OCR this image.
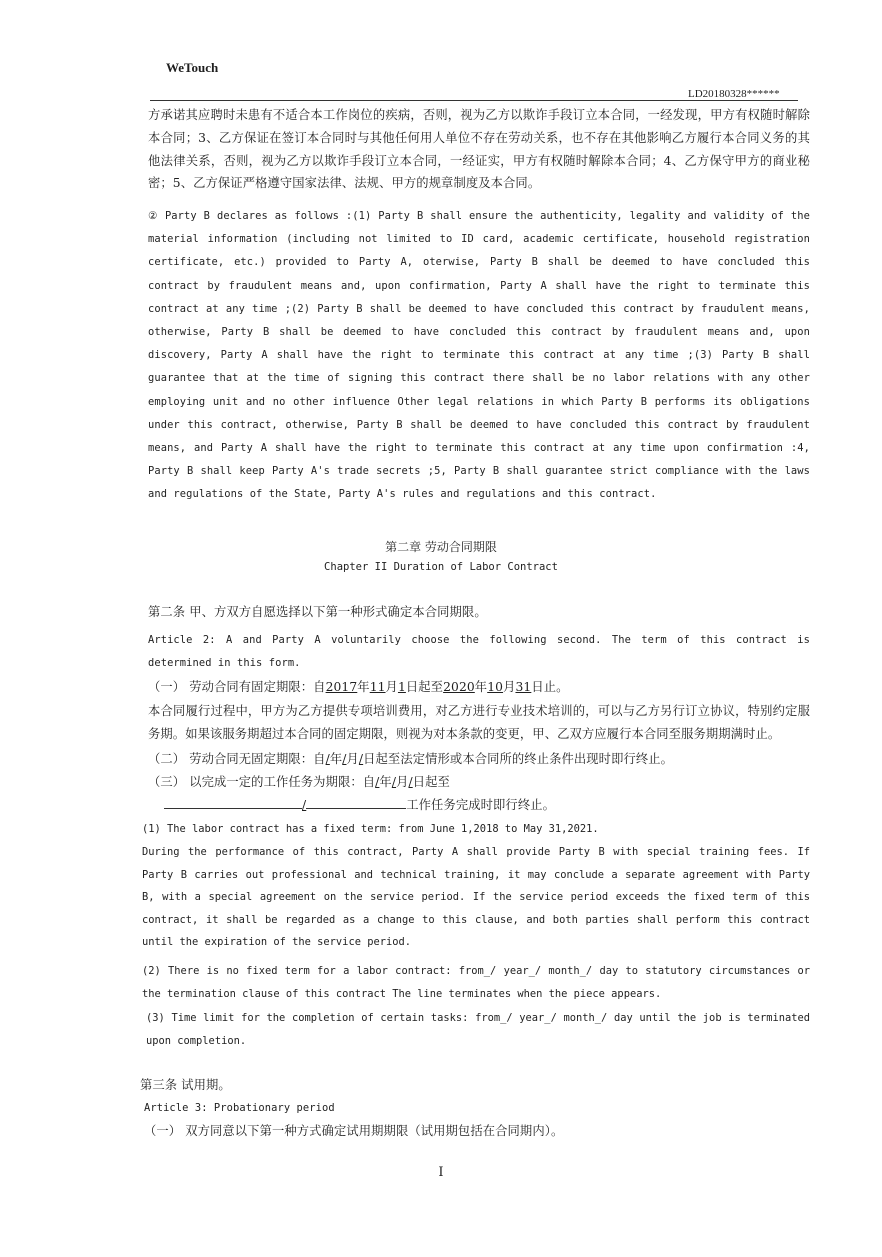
WeTouch
LD20180328******
方承诺其应聘时未患有不适合本工作岗位的疾病，否则，视为乙方以欺诈手段订立本合同，一经发现，甲方有权随时解除本合同；3、乙方保证在签订本合同时与其他任何用人单位不存在劳动关系，也不存在其他影响乙方履行本合同义务的其他法律关系，否则，视为乙方以欺诈手段订立本合同，一经证实，甲方有权随时解除本合同；4、乙方保守甲方的商业秘密；5、乙方保证严格遵守国家法律、法规、甲方的规章制度及本合同。
② Party B declares as follows :(1) Party B shall ensure the authenticity, legality and validity of the material information (including not limited to ID card, academic certificate, household registration certificate, etc.) provided to Party A, oterwise, Party B shall be deemed to have concluded this contract by fraudulent means and, upon confirmation, Party A shall have the right to terminate this contract at any time ;(2) Party B shall be deemed to have concluded this contract by fraudulent means, otherwise, Party B shall be deemed to have concluded this contract by fraudulent means and, upon discovery, Party A shall have the right to terminate this contract at any time ;(3) Party B shall guarantee that at the time of signing this contract there shall be no labor relations with any other employing unit and no other influence Other legal relations in which Party B performs its obligations under this contract, otherwise, Party B shall be deemed to have concluded this contract by fraudulent means, and Party A shall have the right to terminate this contract at any time upon confirmation :4, Party B shall keep Party A's trade secrets ;5, Party B shall guarantee strict compliance with the laws and regulations of the State, Party A's rules and regulations and this contract.
第二章 劳动合同期限
Chapter II Duration of Labor Contract
第二条 甲、方双方自愿选择以下第一种形式确定本合同期限。
Article 2: A and Party A voluntarily choose the following second. The term of this contract is determined in this form.
（一） 劳动合同有固定期限：自2017年11月1日起至2020年10月31日止。
本合同履行过程中，甲方为乙方提供专项培训费用，对乙方进行专业技术培训的，可以与乙方另行订立协议，特别约定服务期。如果该服务期超过本合同的固定期限，则视为对本条款的变更，甲、乙双方应履行本合同至服务期期满时止。
（二） 劳动合同无固定期限：自/年/月/日起至法定情形或本合同所的终止条件出现时即行终止。
（三） 以完成一定的工作任务为期限：自/年/月/日起至
/	工作任务完成时即行终止。
(1) The labor contract has a fixed term: from June 1,2018 to May 31,2021.
During the performance of this contract, Party A shall provide Party B with special training fees. If Party B carries out professional and technical training, it may conclude a separate agreement with Party B, with a special agreement on the service period. If the service period exceeds the fixed term of this contract, it shall be regarded as a change to this clause, and both parties shall perform this contract until the expiration of the service period.
(2) There is no fixed term for a labor contract: from_/ year_/ month_/ day to statutory circumstances or the termination clause of this contract The line terminates when the piece appears.
(3) Time limit for the completion of certain tasks: from_/ year_/ month_/ day until the job is terminated upon completion.
第三条 试用期。
Article 3: Probationary period
（一） 双方同意以下第一种方式确定试用期期限（试用期包括在合同期内）。
I
